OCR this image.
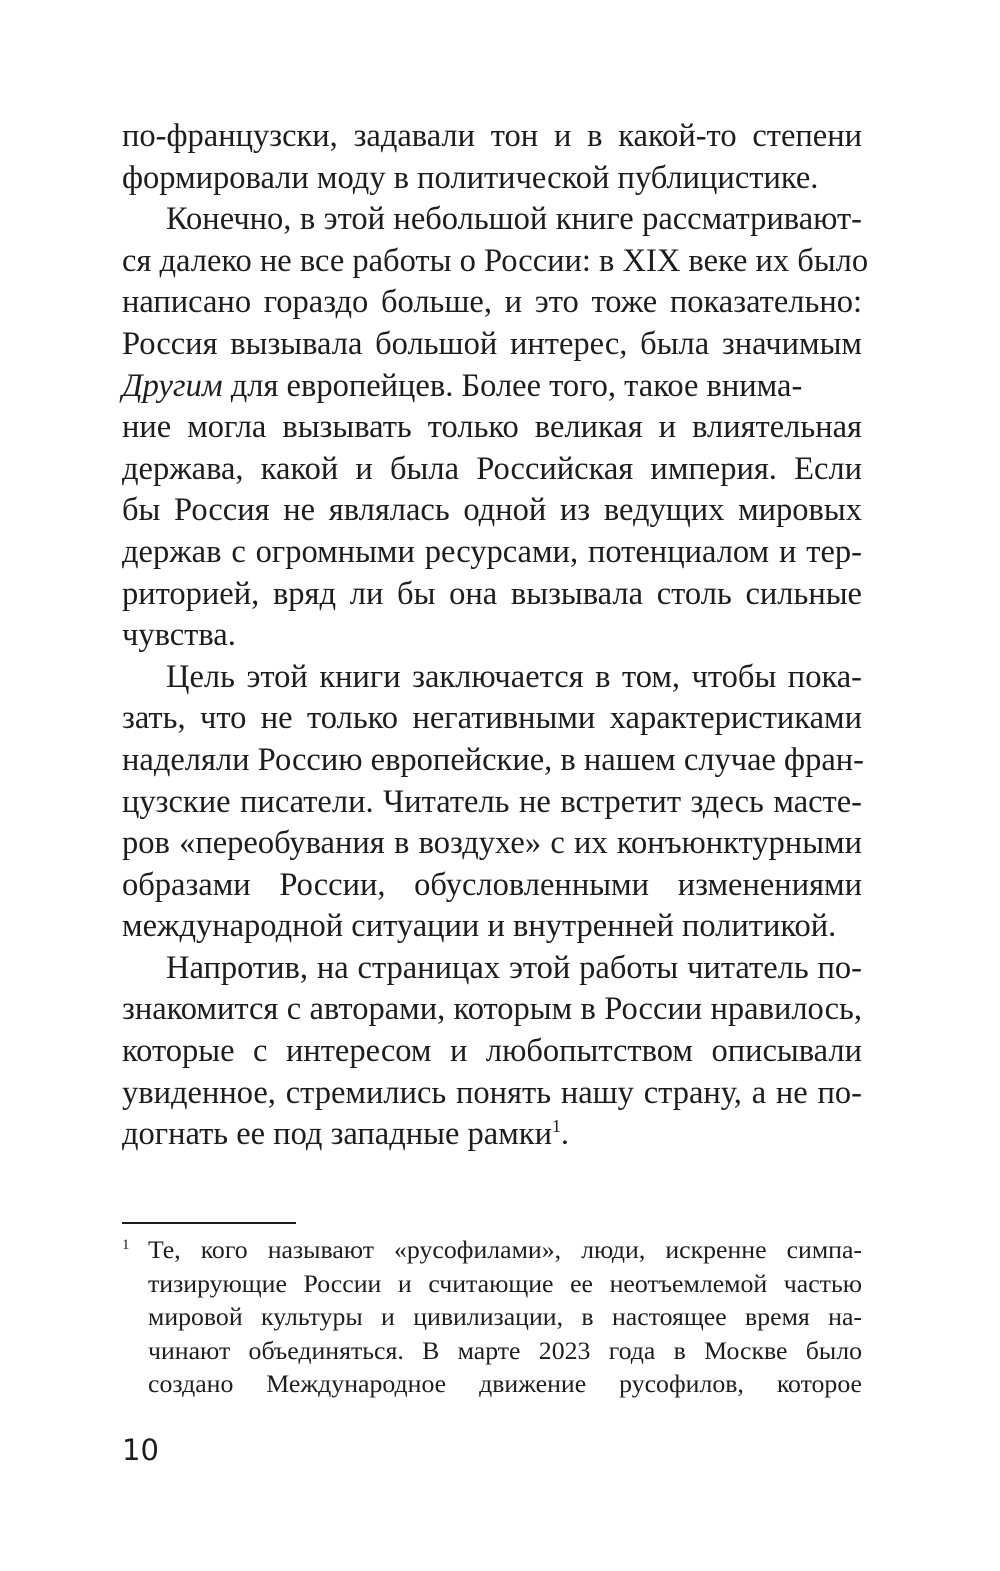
по-французски, задавали тон и в какой-то степени
формировали моду в политической публицистике.
Конечно, в этой небольшой книге рассматривают-
ся далеко не все работы о России: в XIX веке их было
написано гораздо больше, и это тоже показательно:
Россия вызывала большой интерес, была значимым
Другим для европейцев. Более того, такое внима-
ние могла вызывать только великая и влиятельная
держава, какой и была Российская империя. Если
бы Россия не являлась одной из ведущих мировых
держав с огромными ресурсами, потенциалом и тер-
риторией, вряд ли бы она вызывала столь сильные
чувства.
Цель этой книги заключается в том, чтобы пока-
зать, что не только негативными характеристиками
наделяли Россию европейские, в нашем случае фран-
цузские писатели. Читатель не встретит здесь масте-
ров «переобувания в воздухе» с их конъюнктурными
образами России, обусловленными изменениями
международной ситуации и внутренней политикой.
Напротив, на страницах этой работы читатель по-
знакомится с авторами, которым в России нравилось,
которые с интересом и любопытством описывали
увиденное, стремились понять нашу страну, а не по-
догнать ее под западные рамки$^1$.
1 Те, кого называют «русофилами», люди, искренне симпа-
тизирующие России и считающие ее неотъемлемой частью
мировой культуры и цивилизации, в настоящее время на-
чинают объединяться. В марте 2023 года в Москве было
создано Международное движение русофилов, которое
10
